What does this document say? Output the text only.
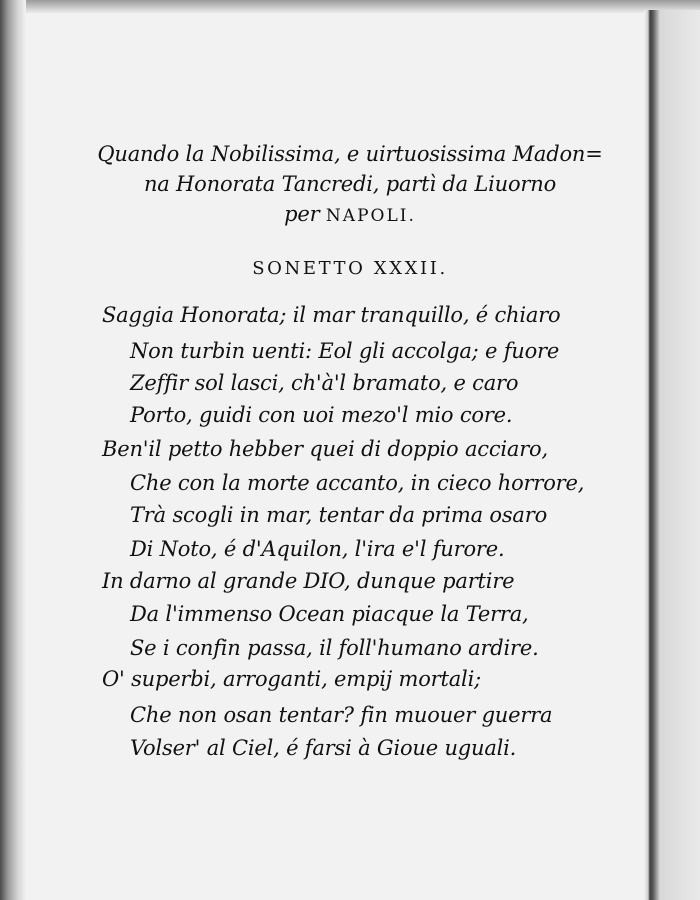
Quando la Nobilissima, e uirtuosissima Madon=
na Honorata Tancredi, partì da Liuorno
per NAPOLI.
SONETTO XXXII.
Saggia Honorata; il mar tranquillo, é chiaro
Non turbin uenti: Eol gli accolga; e fuore
Zeffir sol lasci, ch'à'l bramato, e caro
Porto, guidi con uoi mezo'l mio core.
Ben'il petto hebber quei di doppio acciaro,
Che con la morte accanto, in cieco horrore,
Trà scogli in mar, tentar da prima osaro
Di Noto, é d'Aquilon, l'ira e'l furore.
In darno al grande DIO, dunque partire
Da l'immenso Ocean piacque la Terra,
Se i confin passa, il foll'humano ardire.
O' superbi, arroganti, empij mortali;
Che non osan tentar? fin muouer guerra
Volser' al Ciel, é farsi à Gioue uguali.
